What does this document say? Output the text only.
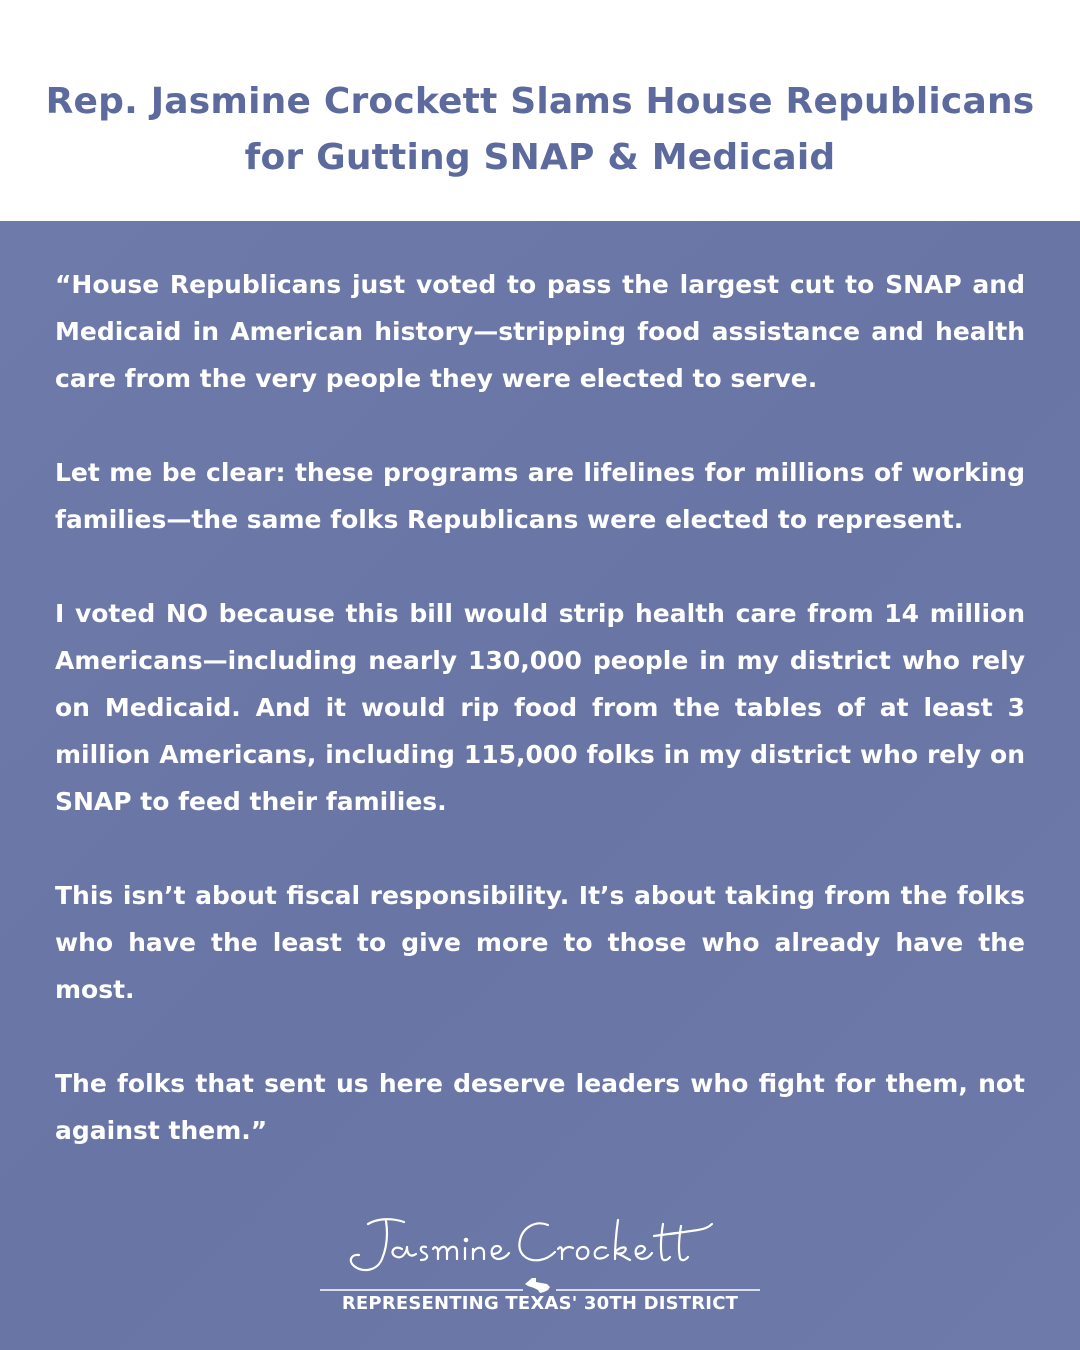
Rep. Jasmine Crockett Slams House Republicans for Gutting SNAP & Medicaid

“House Republicans just voted to pass the largest cut to SNAP and Medicaid in American history—stripping food assistance and health care from the very people they were elected to serve.

Let me be clear: these programs are lifelines for millions of working families—the same folks Republicans were elected to represent.

I voted NO because this bill would strip health care from 14 million Americans—including nearly 130,000 people in my district who rely on Medicaid. And it would rip food from the tables of at least 3 million Americans, including 115,000 folks in my district who rely on SNAP to feed their families.

This isn’t about fiscal responsibility. It’s about taking from the folks who have the least to give more to those who already have the most.

The folks that sent us here deserve leaders who fight for them, not against them.”

REPRESENTING TEXAS' 30TH DISTRICT
